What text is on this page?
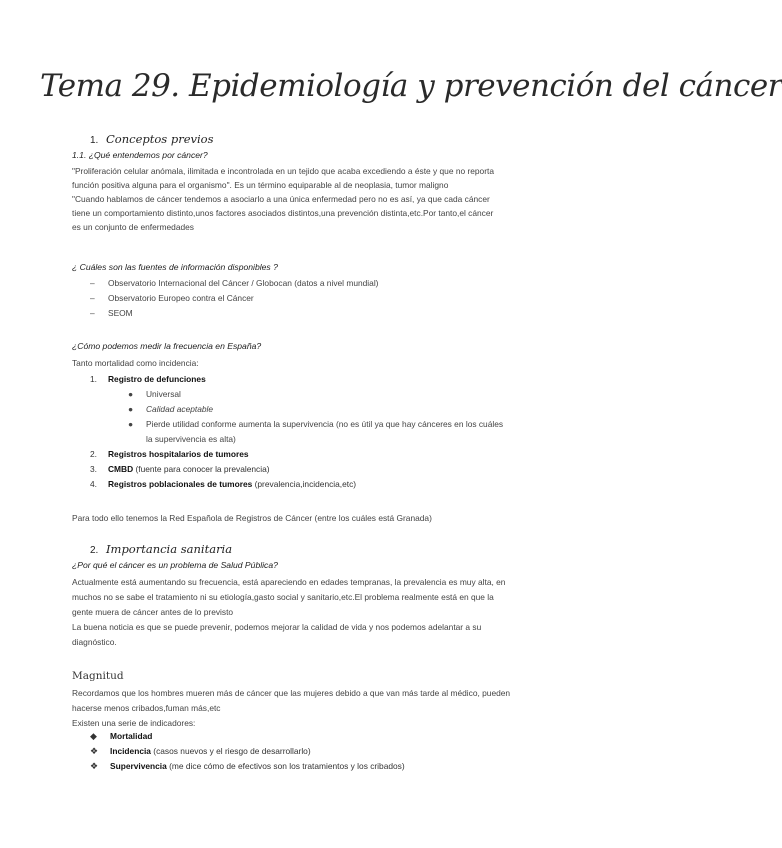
Tema 29. Epidemiología y prevención del cáncer
1. Conceptos previos
1.1. ¿Qué entendemos por cáncer?
"Proliferación celular anómala, ilimitada e incontrolada en un tejido que acaba excediendo a éste y que no reporta
función positiva alguna para el organismo". Es un término equiparable al de neoplasia, tumor maligno
"Cuando hablamos de cáncer tendemos a asociarlo a una única enfermedad pero no es así, ya que cada cáncer
tiene un comportamiento distinto,unos factores asociados distintos,una prevención distinta,etc.Por tanto,el cáncer
es un conjunto de enfermedades
¿ Cuáles son las fuentes de información disponibles ?
– Observatorio Internacional del Cáncer / Globocan (datos a nivel mundial)
– Observatorio Europeo contra el Cáncer
– SEOM
¿Cómo podemos medir la frecuencia en España?
Tanto mortalidad como incidencia:
1. Registro de defunciones
● Universal
● Calidad aceptable
● Pierde utilidad conforme aumenta la supervivencia (no es útil ya que hay cánceres en los cuáles
la supervivencia es alta)
2. Registros hospitalarios de tumores
3. CMBD (fuente para conocer la prevalencia)
4. Registros poblacionales de tumores (prevalencia,incidencia,etc)
Para todo ello tenemos la Red Española de Registros de Cáncer (entre los cuáles está Granada)
2. Importancia sanitaria
¿Por qué el cáncer es un problema de Salud Pública?
Actualmente está aumentando su frecuencia, está apareciendo en edades tempranas, la prevalencia es muy alta, en
muchos no se sabe el tratamiento ni su etiología,gasto social y sanitario,etc.El problema realmente está en que la
gente muera de cáncer antes de lo previsto
La buena noticia es que se puede prevenir, podemos mejorar la calidad de vida y nos podemos adelantar a su
diagnóstico.
Magnitud
Recordamos que los hombres mueren más de cáncer que las mujeres debido a que van más tarde al médico, pueden
hacerse menos cribados,fuman más,etc
Existen una serie de indicadores:
◆ Mortalidad
❖ Incidencia (casos nuevos y el riesgo de desarrollarlo)
❖ Supervivencia (me dice cómo de efectivos son los tratamientos y los cribados)
